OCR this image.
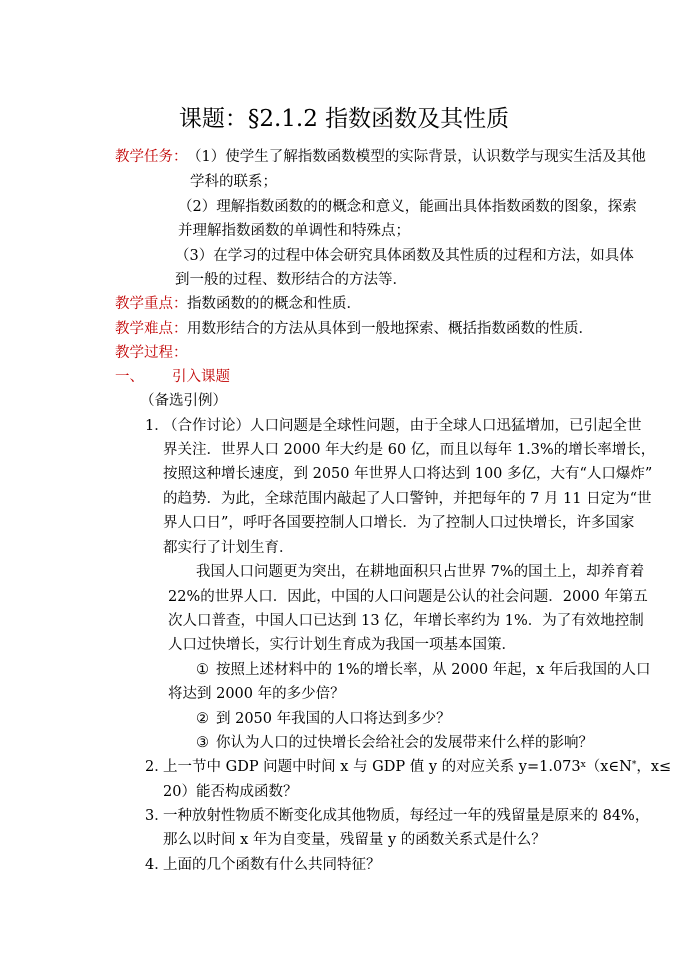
课题：§2.1.2 指数函数及其性质
教学任务： （1）使学生了解指数函数模型的实际背景，认识数学与现实生活及其他
学科的联系；
（2）理解指数函数的的概念和意义，能画出具体指数函数的图象，探索
并理解指数函数的单调性和特殊点；
（3）在学习的过程中体会研究具体函数及其性质的过程和方法，如具体
到一般的过程、数形结合的方法等．
教学重点： 指数函数的的概念和性质．
教学难点： 用数形结合的方法从具体到一般地探索、概括指数函数的性质．
教学过程：
一、 引入课题
（备选引例）
1．
（合作讨论）人口问题是全球性问题，由于全球人口迅猛增加，已引起全世
界关注．世界人口 2000 年大约是 60 亿，而且以每年 1.3%的增长率增长，
按照这种增长速度，到 2050 年世界人口将达到 100 多亿，大有“人口爆炸”
的趋势．为此，全球范围内敲起了人口警钟，并把每年的 7 月 11 日定为“世
界人口日”，呼吁各国要控制人口增长．为了控制人口过快增长，许多国家
都实行了计划生育．
我国人口问题更为突出，在耕地面积只占世界 7%的国土上，却养育着
22%的世界人口．因此，中国的人口问题是公认的社会问题．2000 年第五
次人口普查，中国人口已达到 13 亿，年增长率约为 1%．为了有效地控制
人口过快增长，实行计划生育成为我国一项基本国策．
① 按照上述材料中的 1%的增长率，从 2000 年起，x 年后我国的人口
将达到 2000 年的多少倍？
② 到 2050 年我国的人口将达到多少？
③ 你认为人口的过快增长会给社会的发展带来什么样的影响？
2．
上一节中 GDP 问题中时间 x 与 GDP 值 y 的对应关系 $y=1.073^x(x\in N^*$，x≤
20）能否构成函数？
3．
一种放射性物质不断变化成其他物质，每经过一年的残留量是原来的 84%，
那么以时间 x 年为自变量，残留量 y 的函数关系式是什么？
4．
上面的几个函数有什么共同特征？
